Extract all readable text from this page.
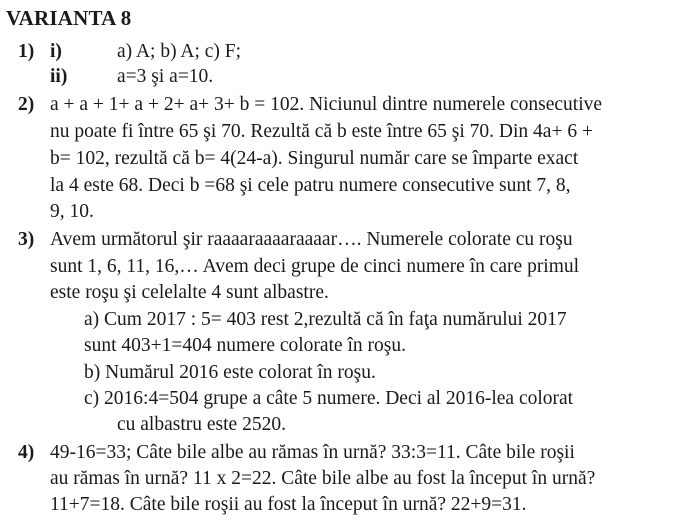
VARIANTA 8
1) i)	a) A; b) A; c) F;
ii)	a=3 şi a=10.
2) a + a + 1+ a + 2+ a+ 3+ b = 102. Niciunul dintre numerele consecutive
nu poate fi între 65 şi 70. Rezultă că b este între 65 şi 70. Din 4a+ 6 +
b= 102, rezultă că b= 4(24-a). Singurul număr care se împarte exact
la 4 este 68. Deci b =68 şi cele patru numere consecutive sunt 7, 8,
9, 10.
3) Avem următorul şir raaaaraaaaraaaar…. Numerele colorate cu roşu
sunt 1, 6, 11, 16,… Avem deci grupe de cinci numere în care primul
este roşu şi celelalte 4 sunt albastre.
a) Cum 2017 : 5= 403 rest 2,rezultă că în faţa numărului 2017
sunt 403+1=404 numere colorate în roşu.
b) Numărul 2016 este colorat în roşu.
c) 2016:4=504 grupe a câte 5 numere. Deci al 2016-lea colorat
cu albastru este 2520.
4) 49-16=33; Câte bile albe au rămas în urnă? 33:3=11. Câte bile roşii
au rămas în urnă? 11 x 2=22. Câte bile albe au fost la început în urnă?
11+7=18. Câte bile roşii au fost la început în urnă? 22+9=31.
